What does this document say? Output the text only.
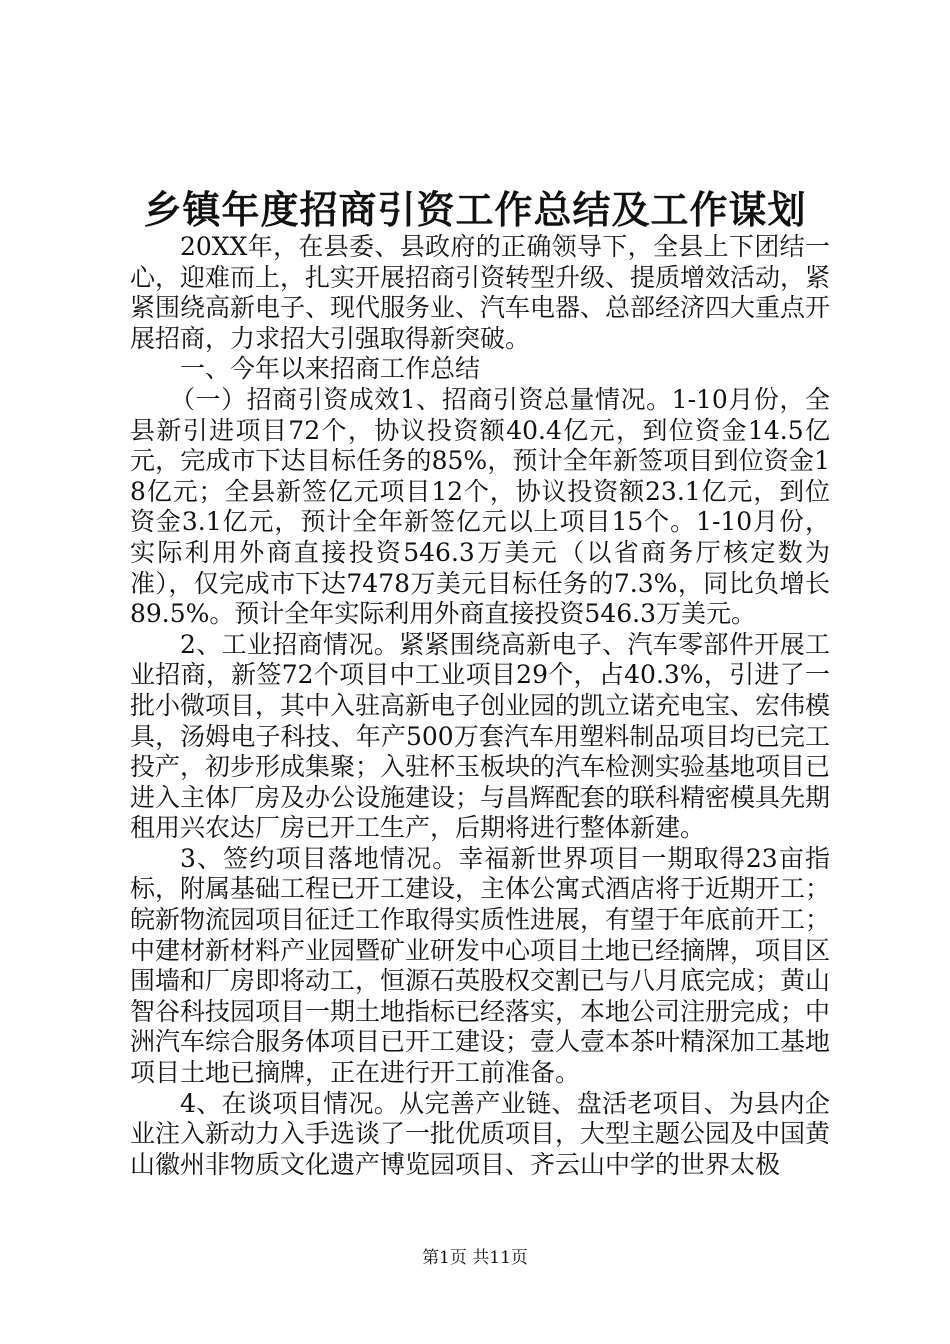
乡镇年度招商引资工作总结及工作谋划

20XX年，在县委、县政府的正确领导下，全县上下团结一心，迎难而上，扎实开展招商引资转型升级、提质增效活动，紧紧围绕高新电子、现代服务业、汽车电器、总部经济四大重点开展招商，力求招大引强取得新突破。

一、今年以来招商工作总结

（一）招商引资成效1、招商引资总量情况。1-10月份，全县新引进项目72个，协议投资额40.4亿元，到位资金14.5亿元，完成市下达目标任务的85%，预计全年新签项目到位资金18亿元；全县新签亿元项目12个，协议投资额23.1亿元，到位资金3.1亿元，预计全年新签亿元以上项目15个。1-10月份，实际利用外商直接投资546.3万美元（以省商务厅核定数为准），仅完成市下达7478万美元目标任务的7.3%，同比负增长89.5%。预计全年实际利用外商直接投资546.3万美元。

2、工业招商情况。紧紧围绕高新电子、汽车零部件开展工业招商，新签72个项目中工业项目29个，占40.3%，引进了一批小微项目，其中入驻高新电子创业园的凯立诺充电宝、宏伟模具，汤姆电子科技、年产500万套汽车用塑料制品项目均已完工投产，初步形成集聚；入驻杯玉板块的汽车检测实验基地项目已进入主体厂房及办公设施建设；与昌辉配套的联科精密模具先期租用兴农达厂房已开工生产，后期将进行整体新建。

3、签约项目落地情况。幸福新世界项目一期取得23亩指标，附属基础工程已开工建设，主体公寓式酒店将于近期开工；皖新物流园项目征迁工作取得实质性进展，有望于年底前开工；中建材新材料产业园暨矿业研发中心项目土地已经摘牌，项目区围墙和厂房即将动工，恒源石英股权交割已与八月底完成；黄山智谷科技园项目一期土地指标已经落实，本地公司注册完成；中洲汽车综合服务体项目已开工建设；壹人壹本茶叶精深加工基地项目土地已摘牌，正在进行开工前准备。

4、在谈项目情况。从完善产业链、盘活老项目、为县内企业注入新动力入手选谈了一批优质项目，大型主题公园及中国黄山徽州非物质文化遗产博览园项目、齐云山中学的世界太极

第1页 共11页
